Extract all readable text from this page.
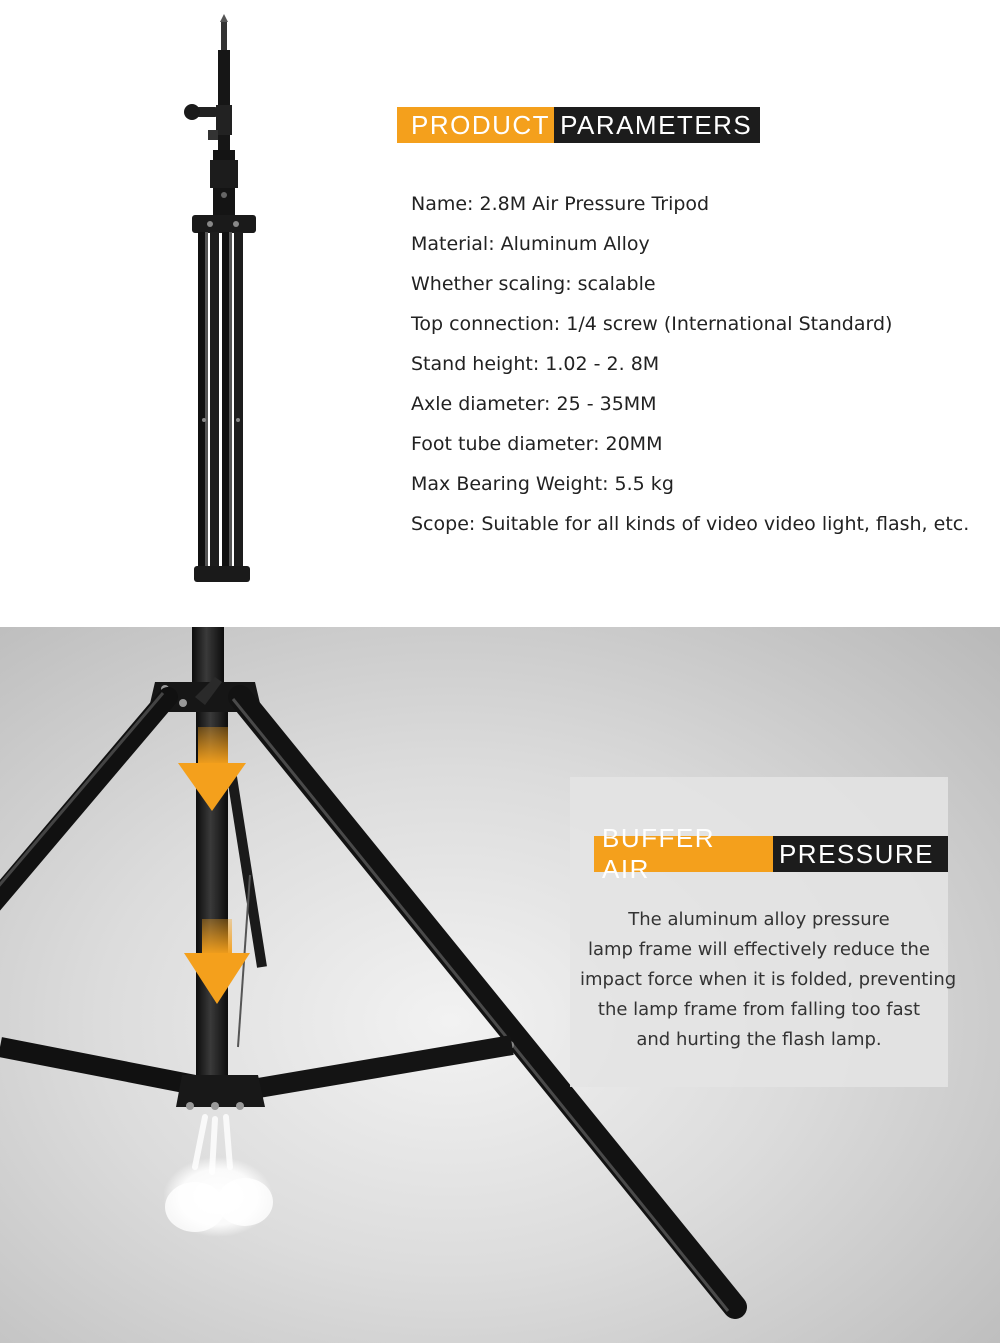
PRODUCT PARAMETERS
Name: 2.8M Air Pressure Tripod
Material: Aluminum Alloy
Whether scaling: scalable
Top connection: 1/4 screw (International Standard)
Stand height: 1.02 - 2. 8M
Axle diameter: 25 - 35MM
Foot tube diameter: 20MM
Max Bearing Weight: 5.5 kg
Scope: Suitable for all kinds of video video light, flash, etc.
BUFFER AIR
PRESSURE

The aluminum alloy pressure
lamp frame will effectively reduce the
impact force when it is folded, preventing
the lamp frame from falling too fast
and hurting the flash lamp.
